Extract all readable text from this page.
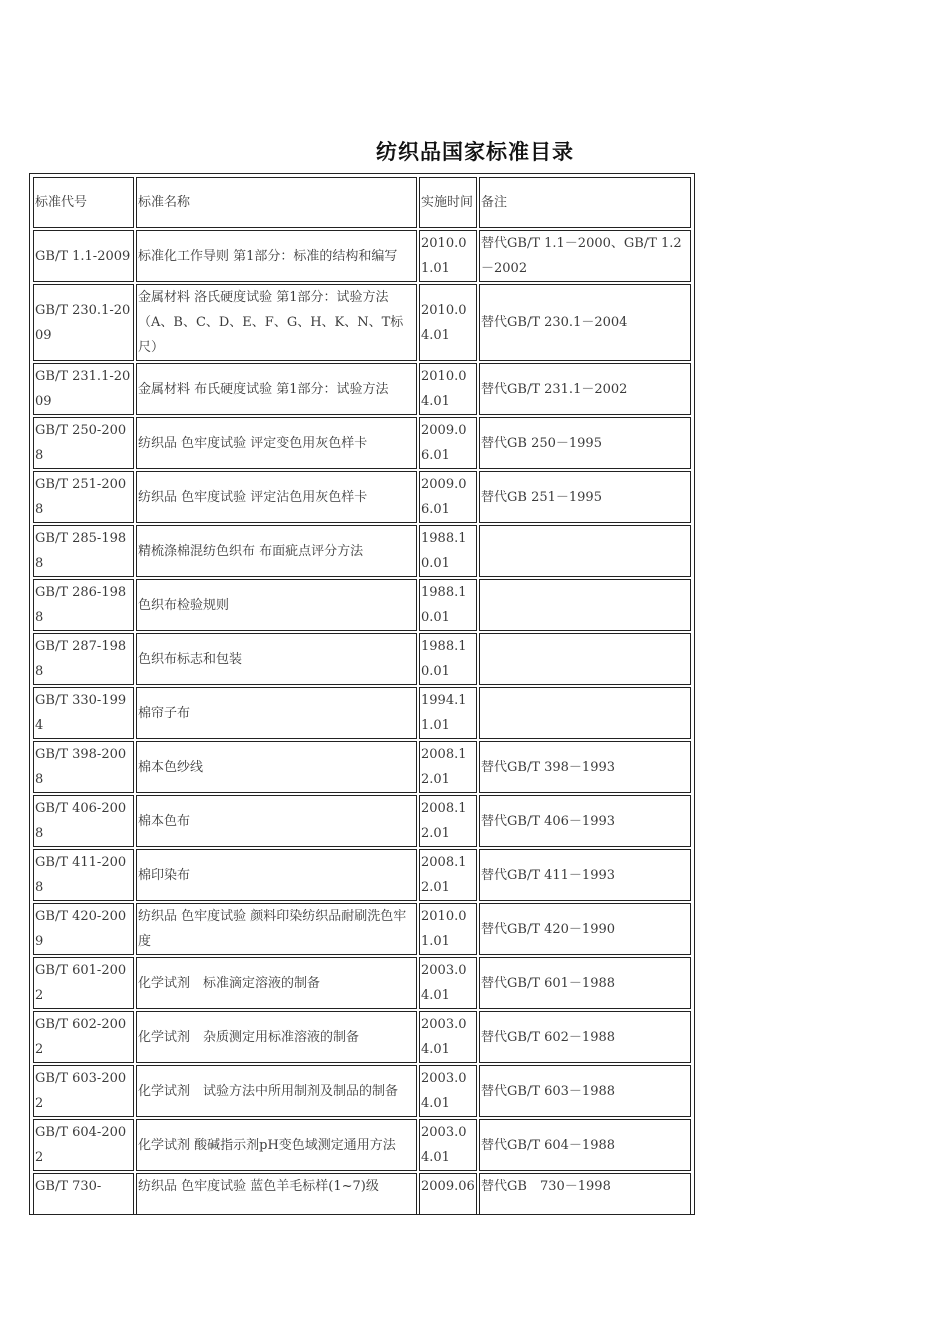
纺织品国家标准目录
标准代号	标准名称	实施时间	备注
GB/T 1.1-2009	标准化工作导则 第1部分：标准的结构和编写	2010.01.01	替代GB/T 1.1－2000、GB/T 1.2－2002
GB/T 230.1-2009	金属材料 洛氏硬度试验 第1部分：试验方法（A、B、C、D、E、F、G、H、K、N、T标尺）	2010.04.01	替代GB/T 230.1－2004
GB/T 231.1-2009	金属材料 布氏硬度试验 第1部分：试验方法	2010.04.01	替代GB/T 231.1－2002
GB/T 250-2008	纺织品 色牢度试验 评定变色用灰色样卡	2009.06.01	替代GB 250－1995
GB/T 251-2008	纺织品 色牢度试验 评定沾色用灰色样卡	2009.06.01	替代GB 251－1995
GB/T 285-1988	精梳涤棉混纺色织布 布面疵点评分方法	1988.10.01	
GB/T 286-1988	色织布检验规则	1988.10.01	
GB/T 287-1988	色织布标志和包装	1988.10.01	
GB/T 330-1994	棉帘子布	1994.11.01	
GB/T 398-2008	棉本色纱线	2008.12.01	替代GB/T 398－1993
GB/T 406-2008	棉本色布	2008.12.01	替代GB/T 406－1993
GB/T 411-2008	棉印染布	2008.12.01	替代GB/T 411－1993
GB/T 420-2009	纺织品 色牢度试验 颜料印染纺织品耐刷洗色牢度	2010.01.01	替代GB/T 420－1990
GB/T 601-2002	化学试剂　标准滴定溶液的制备	2003.04.01	替代GB/T 601－1988
GB/T 602-2002	化学试剂　杂质测定用标准溶液的制备	2003.04.01	替代GB/T 602－1988
GB/T 603-2002	化学试剂　试验方法中所用制剂及制品的制备	2003.04.01	替代GB/T 603－1988
GB/T 604-2002	化学试剂 酸碱指示剂pH变色域测定通用方法	2003.04.01	替代GB/T 604－1988
GB/T 730-	纺织品 色牢度试验 蓝色羊毛标样(1~7)级	2009.06	替代GB　730－1998
